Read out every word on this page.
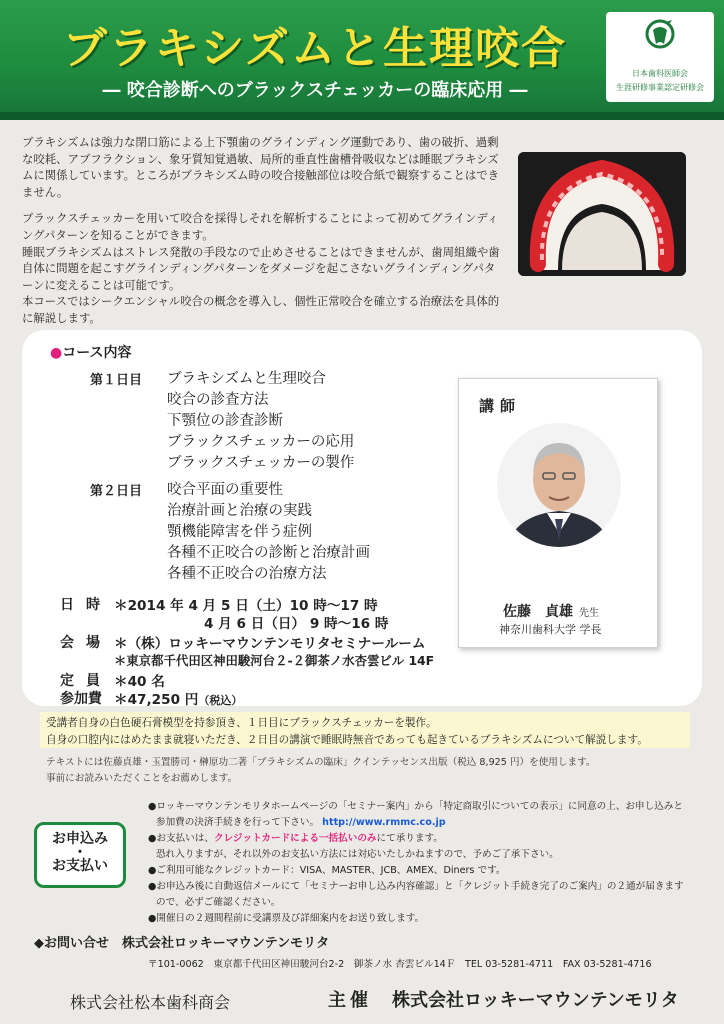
ブラキシズムと生理咬合
― 咬合診断へのブラックスチェッカーの臨床応用 ―
日本歯科医師会
生涯研修事業認定研修会

ブラキシズムは強力な閉口筋による上下顎歯のグラインディング運動であり、歯の破折、過剰な咬耗、アブフラクション、象牙質知覚過敏、局所的垂直性歯槽骨吸収などは睡眠ブラキシズムに関係しています。ところがブラキシズム時の咬合接触部位は咬合紙で観察することはできません。

ブラックスチェッカーを用いて咬合を採得しそれを解析することによって初めてグラインディングパターンを知ることができます。

睡眠ブラキシズムはストレス発散の手段なので止めさせることはできませんが、歯周組織や歯自体に問題を起こすグラインディングパターンをダメージを起こさないグラインディングパターンに変えることは可能です。

本コースではシークエンシャル咬合の概念を導入し、個性正常咬合を確立する治療法を具体的に解説します。

●コース内容
第１日目 ブラキシズムと生理咬合
咬合の診査方法
下顎位の診査診断
ブラックスチェッカーの応用
ブラックスチェッカーの製作
第２日目 咬合平面の重要性
治療計画と治療の実践
顎機能障害を伴う症例
各種不正咬合の診断と治療計画
各種不正咬合の治療方法
日時 ＊2014 年 4 月 5 日（土）10 時～17 時
4 月 6 日（日） 9 時～16 時
会場 ＊（株）ロッキーマウンテンモリタセミナールーム
＊東京都千代田区神田駿河台２-２御茶ノ水杏雲ビル 14F
定員 ＊40 名
参加費 ＊47,250 円（税込）
講師
佐藤　貞雄 先生
神奈川歯科大学 学長
受講者自身の白色硬石膏模型を持参頂き、１日目にブラックスチェッカーを製作。
自身の口腔内にはめたまま就寝いただき、２日目の講演で睡眠時無音であっても起きているブラキシズムについて解説します。
テキストには佐藤貞雄・玉置勝司・榊原功二著「ブラキシズムの臨床」クインテッセンス出版（税込 8,925 円）を使用します。
事前にお読みいただくことをお薦めします。
お申込み
・
お支払い
●ロッキーマウンテンモリタホームページの「セミナー案内」から「特定商取引についての表示」に同意の上、お申し込みと
参加費の決済手続きを行って下さい。 http://www.rmmc.co.jp
●お支払いは、クレジットカードによる一括払いのみにて承ります。
恐れ入りますが、それ以外のお支払い方法には対応いたしかねますので、予めご了承下さい。
●ご利用可能なクレジットカード：VISA、MASTER、JCB、AMEX、Diners です。
●お申込み後に自動返信メールにて「セミナーお申し込み内容確認」と「クレジット手続き完了のご案内」の２通が届きます
ので、必ずご確認ください。
●開催日の２週間程前に受講票及び詳細案内をお送り致します。
◆お問い合せ　株式会社ロッキーマウンテンモリタ
〒101-0062　東京都千代田区神田駿河台2-2　御茶ノ水 杏雲ビル14Ｆ　TEL 03-5281-4711　FAX 03-5281-4716
株式会社松本歯科商会	主催 株式会社ロッキーマウンテンモリタ
